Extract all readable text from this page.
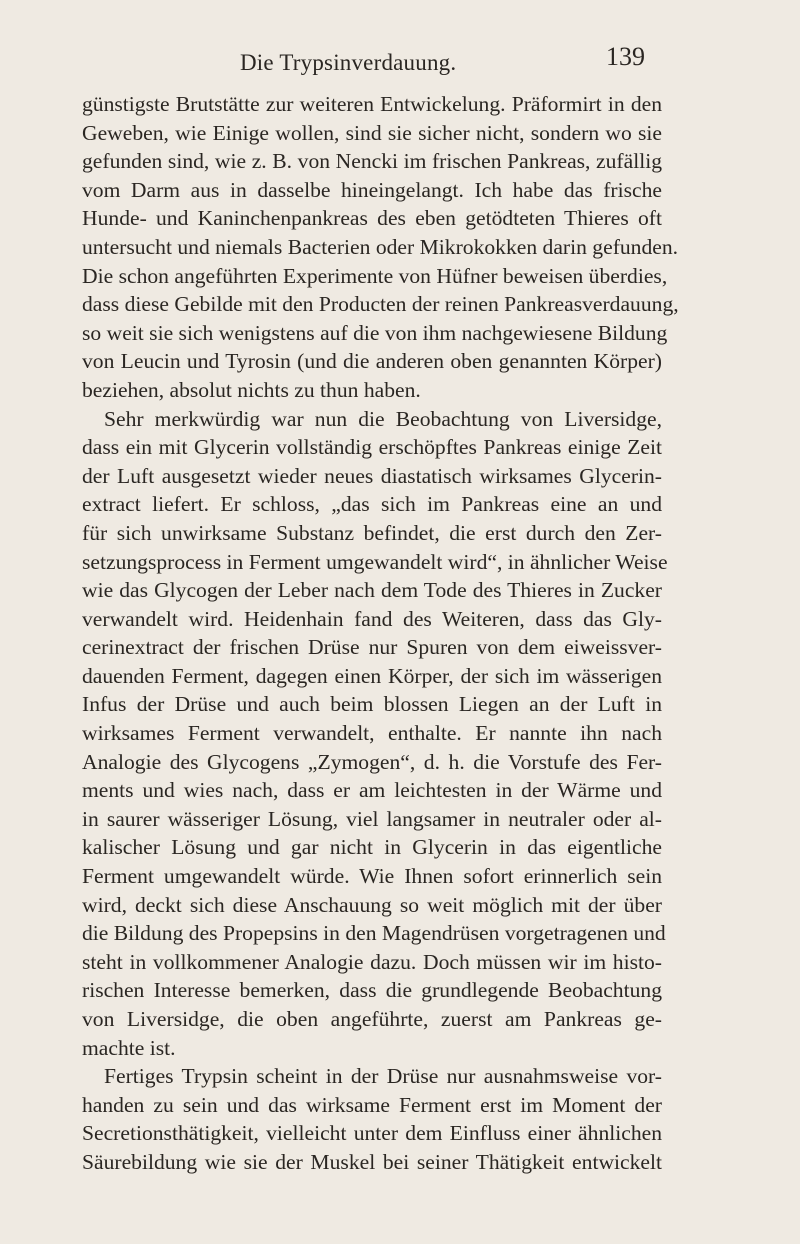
Die Trypsinverdauung.	139
günstigste Brutstätte zur weiteren Entwickelung. Präformirt in den
Geweben, wie Einige wollen, sind sie sicher nicht, sondern wo sie
gefunden sind, wie z. B. von Nencki im frischen Pankreas, zufällig
vom Darm aus in dasselbe hineingelangt. Ich habe das frische
Hunde- und Kaninchenpankreas des eben getödteten Thieres oft
untersucht und niemals Bacterien oder Mikrokokken darin gefunden.
Die schon angeführten Experimente von Hüfner beweisen überdies,
dass diese Gebilde mit den Producten der reinen Pankreasverdauung,
so weit sie sich wenigstens auf die von ihm nachgewiesene Bildung
von Leucin und Tyrosin (und die anderen oben genannten Körper)
beziehen, absolut nichts zu thun haben.
Sehr merkwürdig war nun die Beobachtung von Liversidge,
dass ein mit Glycerin vollständig erschöpftes Pankreas einige Zeit
der Luft ausgesetzt wieder neues diastatisch wirksames Glycerin-
extract liefert. Er schloss, „das sich im Pankreas eine an und
für sich unwirksame Substanz befindet, die erst durch den Zer-
setzungsprocess in Ferment umgewandelt wird“, in ähnlicher Weise
wie das Glycogen der Leber nach dem Tode des Thieres in Zucker
verwandelt wird. Heidenhain fand des Weiteren, dass das Gly-
cerinextract der frischen Drüse nur Spuren von dem eiweissver-
dauenden Ferment, dagegen einen Körper, der sich im wässerigen
Infus der Drüse und auch beim blossen Liegen an der Luft in
wirksames Ferment verwandelt, enthalte. Er nannte ihn nach
Analogie des Glycogens „Zymogen“, d. h. die Vorstufe des Fer-
ments und wies nach, dass er am leichtesten in der Wärme und
in saurer wässeriger Lösung, viel langsamer in neutraler oder al-
kalischer Lösung und gar nicht in Glycerin in das eigentliche
Ferment umgewandelt würde. Wie Ihnen sofort erinnerlich sein
wird, deckt sich diese Anschauung so weit möglich mit der über
die Bildung des Propepsins in den Magendrüsen vorgetragenen und
steht in vollkommener Analogie dazu. Doch müssen wir im histo-
rischen Interesse bemerken, dass die grundlegende Beobachtung
von Liversidge, die oben angeführte, zuerst am Pankreas ge-
machte ist.
Fertiges Trypsin scheint in der Drüse nur ausnahmsweise vor-
handen zu sein und das wirksame Ferment erst im Moment der
Secretionsthätigkeit, vielleicht unter dem Einfluss einer ähnlichen
Säurebildung wie sie der Muskel bei seiner Thätigkeit entwickelt
